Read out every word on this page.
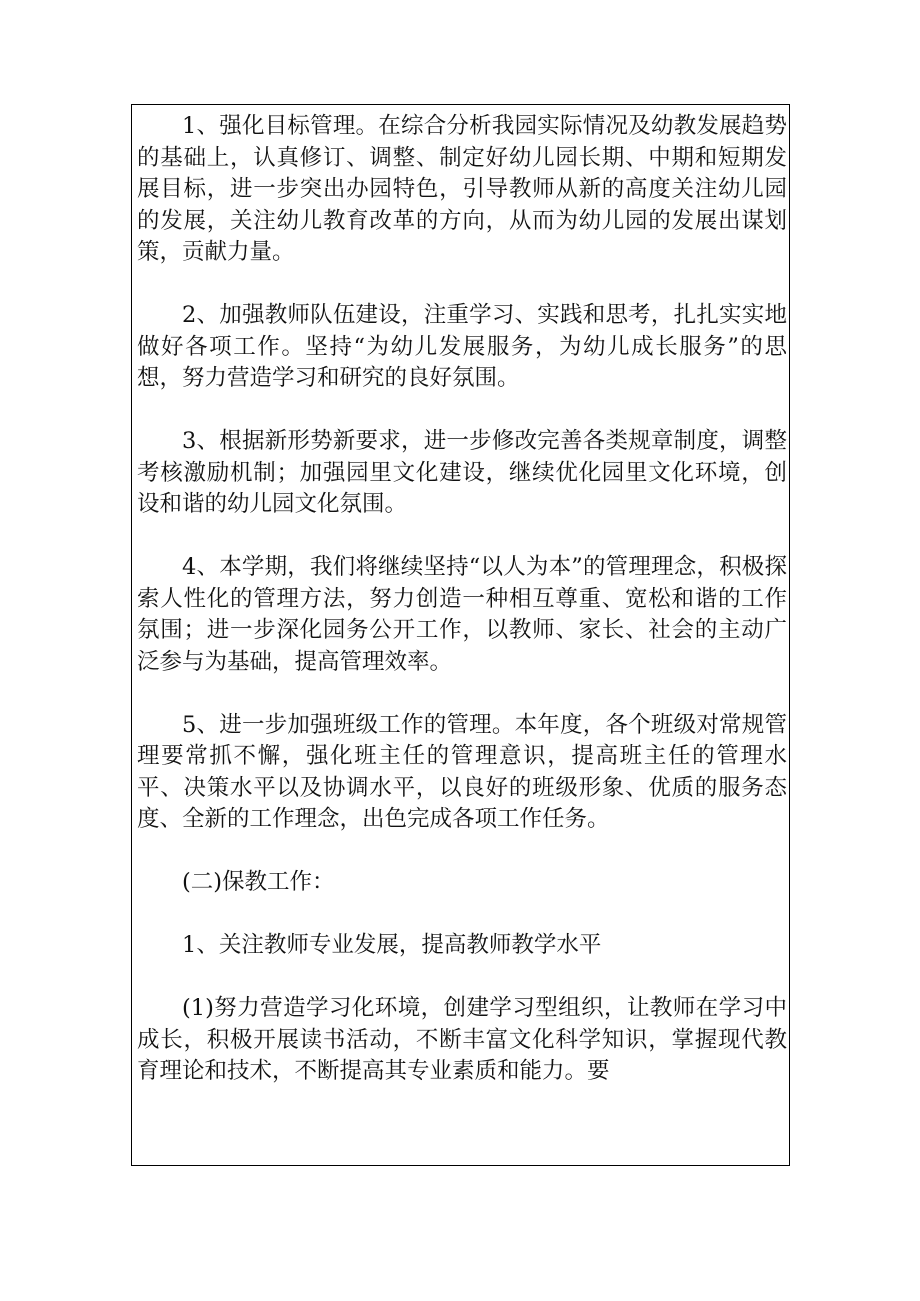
1、强化目标管理。在综合分析我园实际情况及幼教发展趋势的基础上，认真修订、调整、制定好幼儿园长期、中期和短期发展目标，进一步突出办园特色，引导教师从新的高度关注幼儿园的发展，关注幼儿教育改革的方向，从而为幼儿园的发展出谋划策，贡献力量。

2、加强教师队伍建设，注重学习、实践和思考，扎扎实实地做好各项工作。坚持“为幼儿发展服务，为幼儿成长服务”的思想，努力营造学习和研究的良好氛围。

3、根据新形势新要求，进一步修改完善各类规章制度，调整考核激励机制；加强园里文化建设，继续优化园里文化环境，创设和谐的幼儿园文化氛围。

4、本学期，我们将继续坚持“以人为本”的管理理念，积极探索人性化的管理方法，努力创造一种相互尊重、宽松和谐的工作氛围；进一步深化园务公开工作，以教师、家长、社会的主动广泛参与为基础，提高管理效率。

5、进一步加强班级工作的管理。本年度，各个班级对常规管理要常抓不懈，强化班主任的管理意识，提高班主任的管理水平、决策水平以及协调水平，以良好的班级形象、优质的服务态度、全新的工作理念，出色完成各项工作任务。

(二)保教工作：

1、关注教师专业发展，提高教师教学水平

(1)努力营造学习化环境，创建学习型组织，让教师在学习中成长，积极开展读书活动，不断丰富文化科学知识，掌握现代教育理论和技术，不断提高其专业素质和能力。要
